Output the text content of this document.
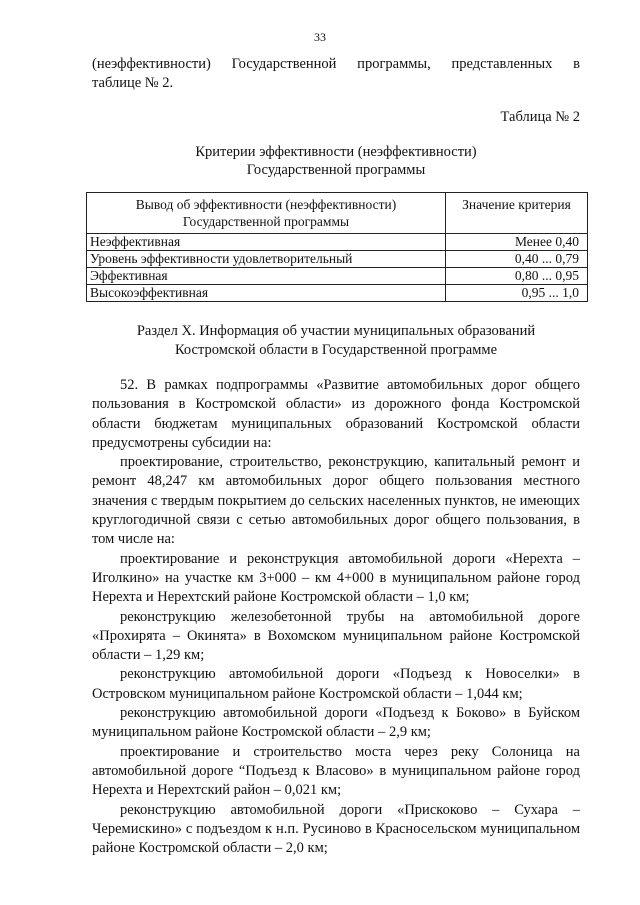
33
(неэффективности) Государственной программы, представленных в
таблице № 2.
Таблица № 2
Критерии эффективности (неэффективности)
Государственной программы
Вывод об эффективности (неэффективности)
Государственной программы	Значение критерия
Неэффективная	Менее 0,40
Уровень эффективности удовлетворительный	0,40 ... 0,79
Эффективная	0,80 ... 0,95
Высокоэффективная	0,95 ... 1,0
Раздел X. Информация об участии муниципальных образований
Костромской области в Государственной программе

52. В рамках подпрограммы «Развитие автомобильных дорог общего пользования в Костромской области» из дорожного фонда Костромской области бюджетам муниципальных образований Костромской области предусмотрены субсидии на:

проектирование, строительство, реконструкцию, капитальный ремонт и ремонт 48,247 км автомобильных дорог общего пользования местного значения с твердым покрытием до сельских населенных пунктов, не имеющих круглогодичной связи с сетью автомобильных дорог общего пользования, в том числе на:

проектирование и реконструкция автомобильной дороги «Нерехта – Иголкино» на участке км 3+000 – км 4+000 в муниципальном районе город Нерехта и Нерехтский районе Костромской области – 1,0 км;

реконструкцию железобетонной трубы на автомобильной дороге «Прохирята – Окинята» в Вохомском муниципальном районе Костромской области – 1,29 км;

реконструкцию автомобильной дороги «Подъезд к Новоселки» в Островском муниципальном районе Костромской области – 1,044 км;

реконструкцию автомобильной дороги «Подъезд к Боково» в Буйском муниципальном районе Костромской области – 2,9 км;

проектирование и строительство моста через реку Солоница на автомобильной дороге “Подъезд к Власово» в муниципальном районе город Нерехта и Нерехтский район – 0,021 км;

реконструкцию автомобильной дороги «Прискоково – Сухара – Черемискино» с подъездом к н.п. Русиново в Красносельском муниципальном районе Костромской области – 2,0 км;
